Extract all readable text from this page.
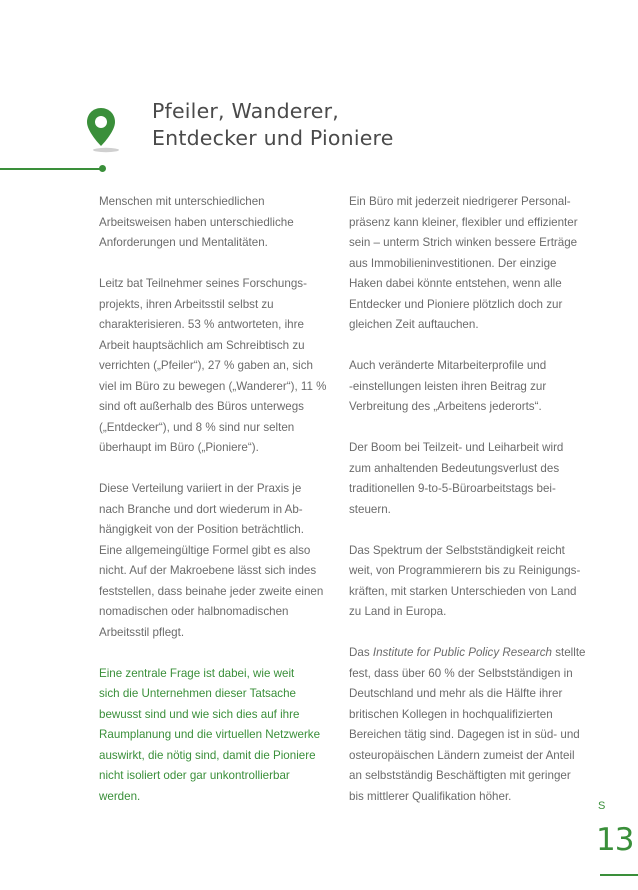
Pfeiler, Wanderer,
Entdecker und Pioniere

Menschen mit unterschiedlichen
Arbeitsweisen haben unterschiedliche
Anforderungen und Mentalitäten.

Leitz bat Teilnehmer seines Forschungs-
projekts, ihren Arbeitsstil selbst zu
charakterisieren. 53 % antworteten, ihre
Arbeit hauptsächlich am Schreibtisch zu
verrichten („Pfeiler“), 27 % gaben an, sich
viel im Büro zu bewegen („Wanderer“), 11 %
sind oft außerhalb des Büros unterwegs
(„Entdecker“), und 8 % sind nur selten
überhaupt im Büro („Pioniere“).

Diese Verteilung variiert in der Praxis je
nach Branche und dort wiederum in Ab-
hängigkeit von der Position beträchtlich.
Eine allgemeingültige Formel gibt es also
nicht. Auf der Makroebene lässt sich indes
feststellen, dass beinahe jeder zweite einen
nomadischen oder halbnomadischen
Arbeitsstil pflegt.

Eine zentrale Frage ist dabei, wie weit
sich die Unternehmen dieser Tatsache
bewusst sind und wie sich dies auf ihre
Raumplanung und die virtuellen Netzwerke
auswirkt, die nötig sind, damit die Pioniere
nicht isoliert oder gar unkontrollierbar
werden.

Ein Büro mit jederzeit niedrigerer Personal-
präsenz kann kleiner, flexibler und effizienter
sein – unterm Strich winken bessere Erträge
aus Immobilieninvestitionen. Der einzige
Haken dabei könnte entstehen, wenn alle
Entdecker und Pioniere plötzlich doch zur
gleichen Zeit auftauchen.

Auch veränderte Mitarbeiterprofile und
-einstellungen leisten ihren Beitrag zur
Verbreitung des „Arbeitens jederorts“.

Der Boom bei Teilzeit- und Leiharbeit wird
zum anhaltenden Bedeutungsverlust des
traditionellen 9-to-5-Büroarbeitstags bei-
steuern.

Das Spektrum der Selbstständigkeit reicht
weit, von Programmierern bis zu Reinigungs-
kräften, mit starken Unterschieden von Land
zu Land in Europa.

Das Institute for Public Policy Research stellte
fest, dass über 60 % der Selbstständigen in
Deutschland und mehr als die Hälfte ihrer
britischen Kollegen in hochqualifizierten
Bereichen tätig sind. Dagegen ist in süd- und
osteuropäischen Ländern zumeist der Anteil
an selbstständig Beschäftigten mit geringer
bis mittlerer Qualifikation höher.

S
13
